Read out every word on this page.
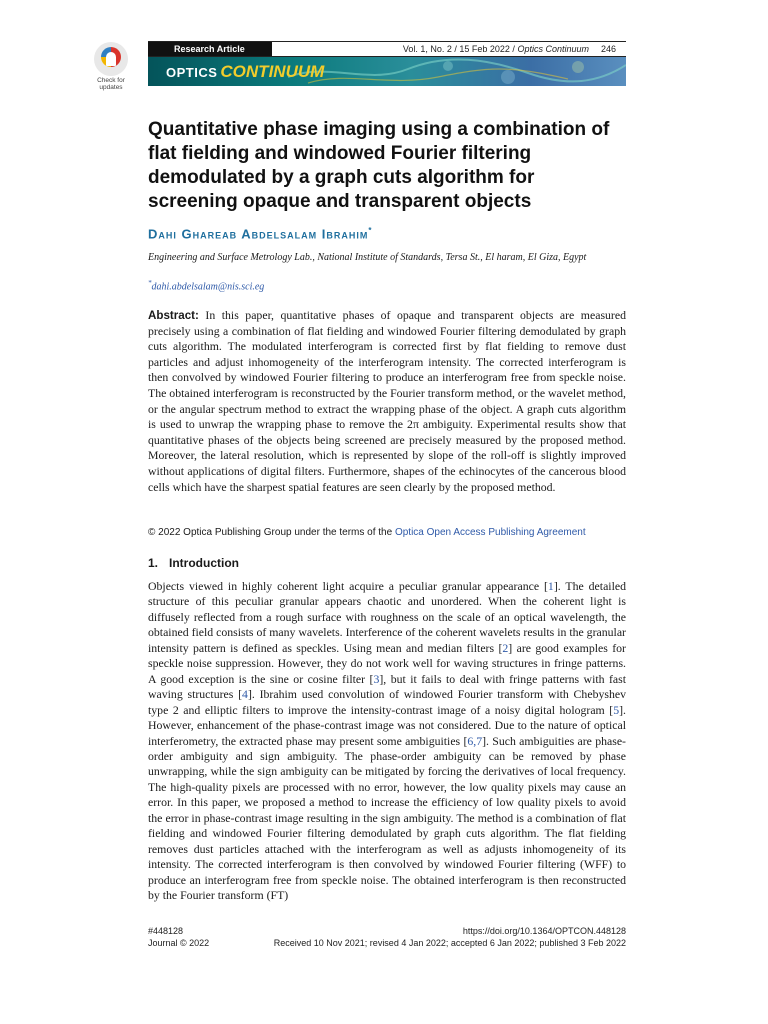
Check for updates
Research Article	Vol. 1, No. 2 / 15 Feb 2022 / Optics Continuum 246
OPTICS CONTINUUM
Quantitative phase imaging using a combination of flat fielding and windowed Fourier filtering demodulated by a graph cuts algorithm for screening opaque and transparent objects
Dahi Ghareab Abdelsalam Ibrahim*
Engineering and Surface Metrology Lab., National Institute of Standards, Tersa St., El haram, El Giza, Egypt
*dahi.abdelsalam@nis.sci.eg

Abstract: In this paper, quantitative phases of opaque and transparent objects are measured precisely using a combination of flat fielding and windowed Fourier filtering demodulated by graph cuts algorithm. The modulated interferogram is corrected first by flat fielding to remove dust particles and adjust inhomogeneity of the interferogram intensity. The corrected interferogram is then convolved by windowed Fourier filtering to produce an interferogram free from speckle noise. The obtained interferogram is reconstructed by the Fourier transform method, or the wavelet method, or the angular spectrum method to extract the wrapping phase of the object. A graph cuts algorithm is used to unwrap the wrapping phase to remove the 2π ambiguity. Experimental results show that quantitative phases of the objects being screened are precisely measured by the proposed method. Moreover, the lateral resolution, which is represented by slope of the roll-off is slightly improved without applications of digital filters. Furthermore, shapes of the echinocytes of the cancerous blood cells which have the sharpest spatial features are seen clearly by the proposed method.

© 2022 Optica Publishing Group under the terms of the Optica Open Access Publishing Agreement
1. Introduction

Objects viewed in highly coherent light acquire a peculiar granular appearance [1]. The detailed structure of this peculiar granular appears chaotic and unordered. When the coherent light is diffusely reflected from a rough surface with roughness on the scale of an optical wavelength, the obtained field consists of many wavelets. Interference of the coherent wavelets results in the granular intensity pattern is defined as speckles. Using mean and median filters [2] are good examples for speckle noise suppression. However, they do not work well for waving structures in fringe patterns. A good exception is the sine or cosine filter [3], but it fails to deal with fringe patterns with fast waving structures [4]. Ibrahim used convolution of windowed Fourier transform with Chebyshev type 2 and elliptic filters to improve the intensity-contrast image of a noisy digital hologram [5]. However, enhancement of the phase-contrast image was not considered. Due to the nature of optical interferometry, the extracted phase may present some ambiguities [6,7]. Such ambiguities are phase-order ambiguity and sign ambiguity. The phase-order ambiguity can be removed by phase unwrapping, while the sign ambiguity can be mitigated by forcing the derivatives of local frequency. The high-quality pixels are processed with no error, however, the low quality pixels may cause an error. In this paper, we proposed a method to increase the efficiency of low quality pixels to avoid the error in phase-contrast image resulting in the sign ambiguity. The method is a combination of flat fielding and windowed Fourier filtering demodulated by graph cuts algorithm. The flat fielding removes dust particles attached with the interferogram as well as adjusts inhomogeneity of its intensity. The corrected interferogram is then convolved by windowed Fourier filtering (WFF) to produce an interferogram free from speckle noise. The obtained interferogram is then reconstructed by the Fourier transform (FT)

#448128
Journal © 2022
https://doi.org/10.1364/OPTCON.448128
Received 10 Nov 2021; revised 4 Jan 2022; accepted 6 Jan 2022; published 3 Feb 2022
